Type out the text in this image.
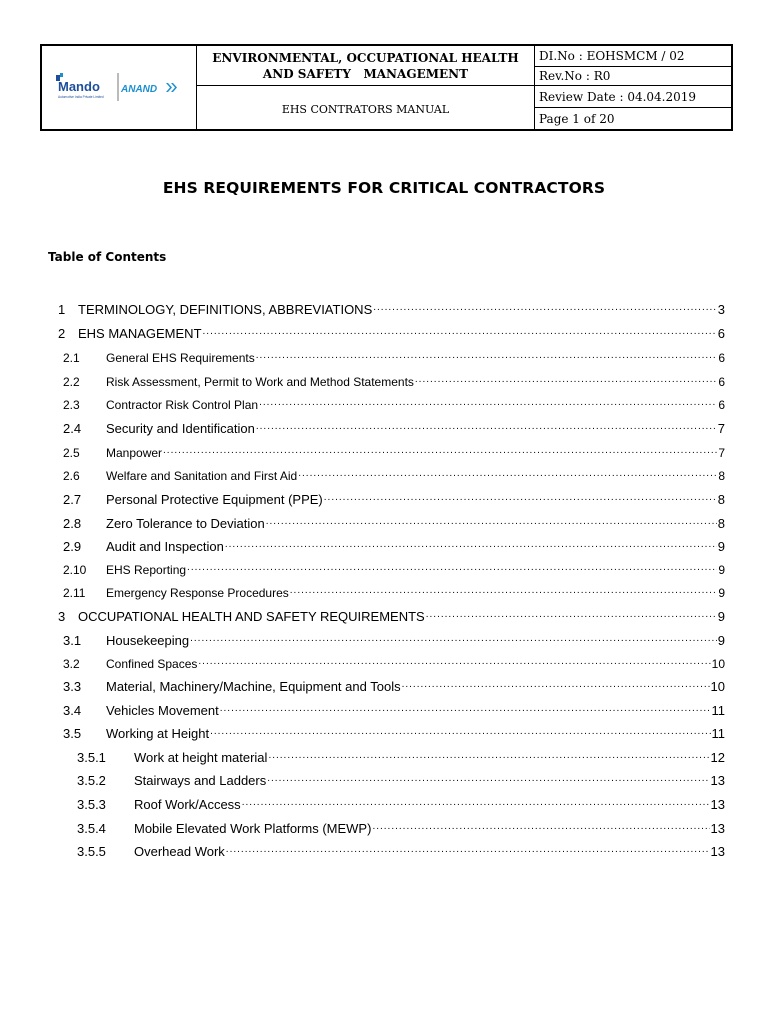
Mando
Automotive India Private Limited
ANAND
ENVIRONMENTAL, OCCUPATIONAL HEALTH
AND SAFETY   MANAGEMENT
EHS CONTRATORS MANUAL
DI.No : EOHSMCM / 02
Rev.No : R0
Review Date : 04.04.2019
Page 1 of 20
EHS REQUIREMENTS FOR CRITICAL CONTRACTORS
Table of Contents
1 TERMINOLOGY, DEFINITIONS, ABBREVIATIONS .....	3
2 EHS MANAGEMENT .....	6
2.1	General EHS Requirements .....	6
2.2	Risk Assessment, Permit to Work and Method Statements .....	6
2.3	Contractor Risk Control Plan .....	6
2.4	Security and Identification .....	7
2.5	Manpower .....	7
2.6	Welfare and Sanitation and First Aid .....	8
2.7	Personal Protective Equipment (PPE) .....	8
2.8	Zero Tolerance to Deviation .....	8
2.9	Audit and Inspection .....	9
2.10	EHS Reporting .....	9
2.11	Emergency Response Procedures .....	9
3 OCCUPATIONAL HEALTH AND SAFETY REQUIREMENTS .....	9
3.1	Housekeeping .....	9
3.2	Confined Spaces .....	10
3.3	Material, Machinery/Machine, Equipment and Tools .....	10
3.4	Vehicles Movement .....	11
3.5	Working at Height .....	11
3.5.1	Work at height material .....	12
3.5.2	Stairways and Ladders .....	13
3.5.3	Roof Work/Access .....	13
3.5.4	Mobile Elevated Work Platforms (MEWP) .....	13
3.5.5	Overhead Work .....	13
